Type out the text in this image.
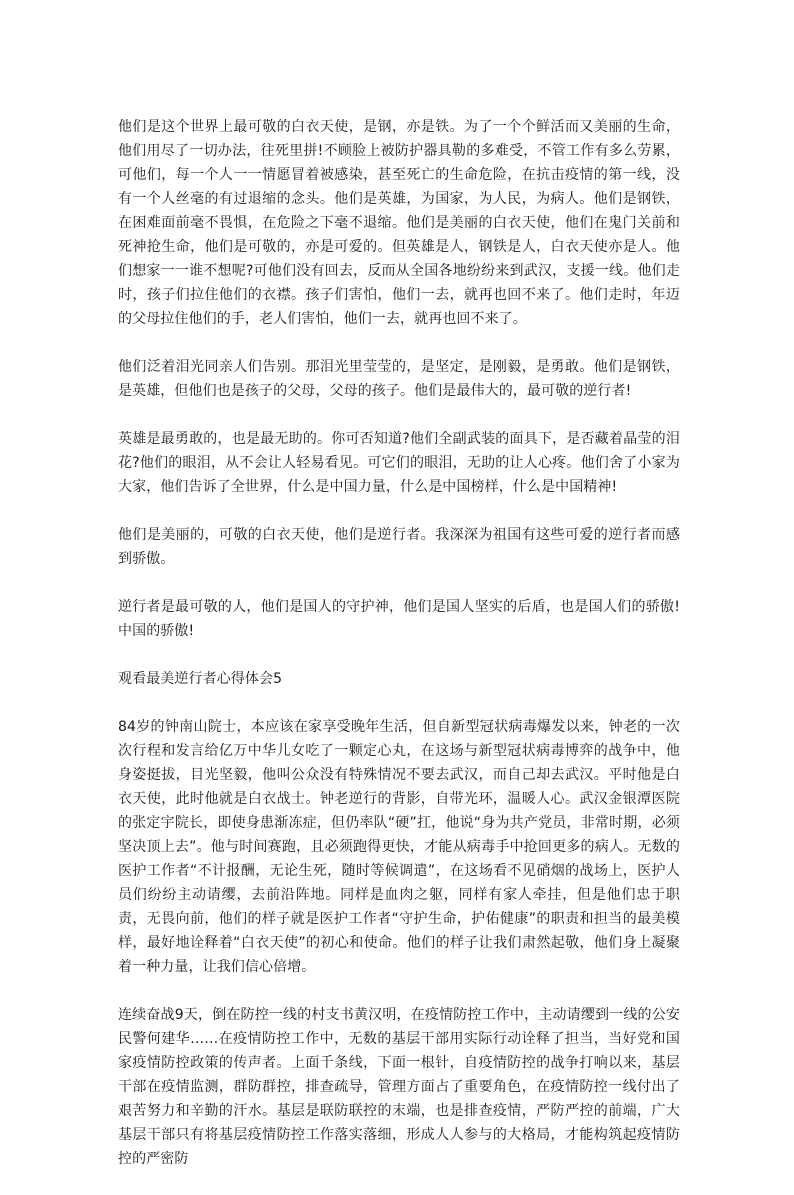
他们是这个世界上最可敬的白衣天使，是钢，亦是铁。为了一个个鲜活而又美丽的生命，他们用尽了一切办法，往死里拼!不顾脸上被防护器具勒的多难受，不管工作有多么劳累，可他们，每一个人一一情愿冒着被感染，甚至死亡的生命危险，在抗击疫情的第一线，没有一个人丝毫的有过退缩的念头。他们是英雄，为国家，为人民，为病人。他们是钢铁，在困难面前毫不畏惧，在危险之下毫不退缩。他们是美丽的白衣天使，他们在鬼门关前和死神抢生命，他们是可敬的，亦是可爱的。但英雄是人，钢铁是人，白衣天使亦是人。他们想家一一谁不想呢?可他们没有回去，反而从全国各地纷纷来到武汉，支援一线。他们走时，孩子们拉住他们的衣襟。孩子们害怕，他们一去，就再也回不来了。他们走时，年迈的父母拉住他们的手，老人们害怕，他们一去，就再也回不来了。

他们泛着泪光同亲人们告别。那泪光里莹莹的，是坚定，是刚毅，是勇敢。他们是钢铁，是英雄，但他们也是孩子的父母，父母的孩子。他们是最伟大的，最可敬的逆行者!

英雄是最勇敢的，也是最无助的。你可否知道?他们全副武装的面具下，是否藏着晶莹的泪花?他们的眼泪，从不会让人轻易看见。可它们的眼泪，无助的让人心疼。他们舍了小家为大家，他们告诉了全世界，什么是中国力量，什么是中国榜样，什么是中国精神!

他们是美丽的，可敬的白衣天使，他们是逆行者。我深深为祖国有这些可爱的逆行者而感到骄傲。

逆行者是最可敬的人，他们是国人的守护神，他们是国人坚实的后盾，也是国人们的骄傲!中国的骄傲!

观看最美逆行者心得体会5

84岁的钟南山院士，本应该在家享受晚年生活，但自新型冠状病毒爆发以来，钟老的一次次行程和发言给亿万中华儿女吃了一颗定心丸，在这场与新型冠状病毒博弈的战争中，他身姿挺拔，目光坚毅，他叫公众没有特殊情况不要去武汉，而自己却去武汉。平时他是白衣天使，此时他就是白衣战士。钟老逆行的背影，自带光环，温暖人心。武汉金银潭医院的张定宇院长，即使身患渐冻症，但仍率队“硬”扛，他说“身为共产党员，非常时期，必须坚决顶上去”。他与时间赛跑，且必须跑得更快，才能从病毒手中抢回更多的病人。无数的医护工作者“不计报酬，无论生死，随时等候调遣”，在这场看不见硝烟的战场上，医护人员们纷纷主动请缨，去前沿阵地。同样是血肉之躯，同样有家人牵挂，但是他们忠于职责，无畏向前，他们的样子就是医护工作者“守护生命，护佑健康”的职责和担当的最美模样，最好地诠释着“白衣天使”的初心和使命。他们的样子让我们肃然起敬，他们身上凝聚着一种力量，让我们信心倍增。

连续奋战9天，倒在防控一线的村支书黄汉明，在疫情防控工作中，主动请缨到一线的公安民警何建华……在疫情防控工作中，无数的基层干部用实际行动诠释了担当，当好党和国家疫情防控政策的传声者。上面千条线，下面一根针，自疫情防控的战争打响以来，基层干部在疫情监测，群防群控，排查疏导，管理方面占了重要角色，在疫情防控一线付出了艰苦努力和辛勤的汗水。基层是联防联控的末端，也是排查疫情，严防严控的前端，广大基层干部只有将基层疫情防控工作落实落细，形成人人参与的大格局，才能构筑起疫情防控的严密防
